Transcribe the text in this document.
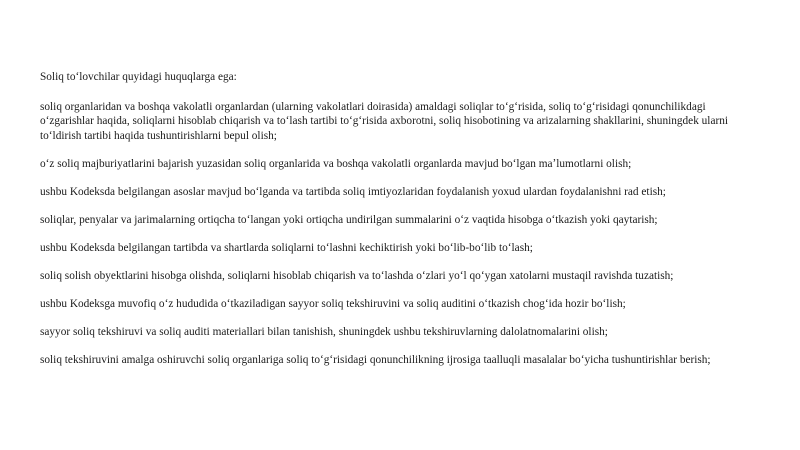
Soliq toʻlovchilar quyidagi huquqlarga ega:

soliq organlaridan va boshqa vakolatli organlardan (ularning vakolatlari doirasida) amaldagi soliqlar toʻgʻrisida, soliq toʻgʻrisidagi qonunchilikdagi oʻzgarishlar haqida, soliqlarni hisoblab chiqarish va toʻlash tartibi toʻgʻrisida axborotni, soliq hisobotining va arizalarning shakllarini, shuningdek ularni toʻldirish tartibi haqida tushuntirishlarni bepul olish;

oʻz soliq majburiyatlarini bajarish yuzasidan soliq organlarida va boshqa vakolatli organlarda mavjud boʻlgan maʼlumotlarni olish;

ushbu Kodeksda belgilangan asoslar mavjud boʻlganda va tartibda soliq imtiyozlaridan foydalanish yoxud ulardan foydalanishni rad etish;

soliqlar, penyalar va jarimalarning ortiqcha toʻlangan yoki ortiqcha undirilgan summalarini oʻz vaqtida hisobga oʻtkazish yoki qaytarish;

ushbu Kodeksda belgilangan tartibda va shartlarda soliqlarni toʻlashni kechiktirish yoki boʻlib-boʻlib toʻlash;

soliq solish obyektlarini hisobga olishda, soliqlarni hisoblab chiqarish va toʻlashda oʻzlari yoʻl qoʻygan xatolarni mustaqil ravishda tuzatish;

ushbu Kodeksga muvofiq oʻz hududida oʻtkaziladigan sayyor soliq tekshiruvini va soliq auditini oʻtkazish chogʻida hozir boʻlish;

sayyor soliq tekshiruvi va soliq auditi materiallari bilan tanishish, shuningdek ushbu tekshiruvlarning dalolatnomalarini olish;

soliq tekshiruvini amalga oshiruvchi soliq organlariga soliq toʻgʻrisidagi qonunchilikning ijrosiga taalluqli masalalar boʻyicha tushuntirishlar berish;
